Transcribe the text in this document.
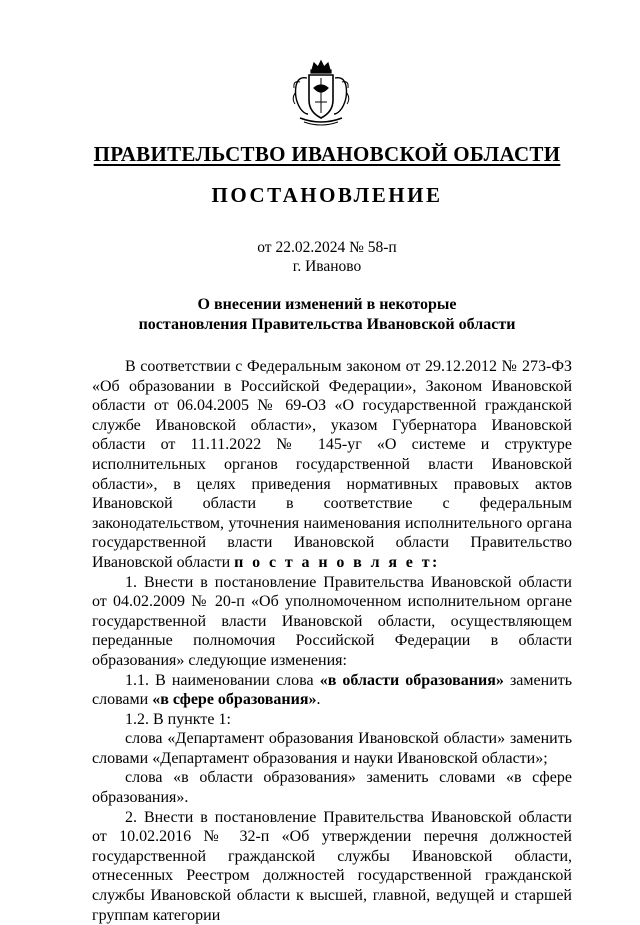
ПРАВИТЕЛЬСТВО ИВАНОВСКОЙ ОБЛАСТИ
ПОСТАНОВЛЕНИЕ
от 22.02.2024 № 58-п
г. Иваново
О внесении изменений в некоторые
постановления Правительства Ивановской области

В соответствии с Федеральным законом от 29.12.2012 № 273-ФЗ «Об образовании в Российской Федерации», Законом Ивановской области от 06.04.2005 № 69-ОЗ «О государственной гражданской службе Ивановской области», указом Губернатора Ивановской области от 11.11.2022 № 145-уг «О системе и структуре исполнительных органов государственной власти Ивановской области», в целях приведения нормативных правовых актов Ивановской области в соответствие с федеральным законодательством, уточнения наименования исполнительного органа государственной власти Ивановской области Правительство Ивановской области п о с т а н о в л я е т:

1. Внести в постановление Правительства Ивановской области от 04.02.2009 № 20-п «Об уполномоченном исполнительном органе государственной власти Ивановской области, осуществляющем переданные полномочия Российской Федерации в области образования» следующие изменения:

1.1. В наименовании слова «в области образования» заменить словами «в сфере образования».

1.2. В пункте 1:

слова «Департамент образования Ивановской области» заменить словами «Департамент образования и науки Ивановской области»;

слова «в области образования» заменить словами «в сфере образования».

2. Внести в постановление Правительства Ивановской области от 10.02.2016 № 32-п «Об утверждении перечня должностей государственной гражданской службы Ивановской области, отнесенных Реестром должностей государственной гражданской службы Ивановской области к высшей, главной, ведущей и старшей группам категории
